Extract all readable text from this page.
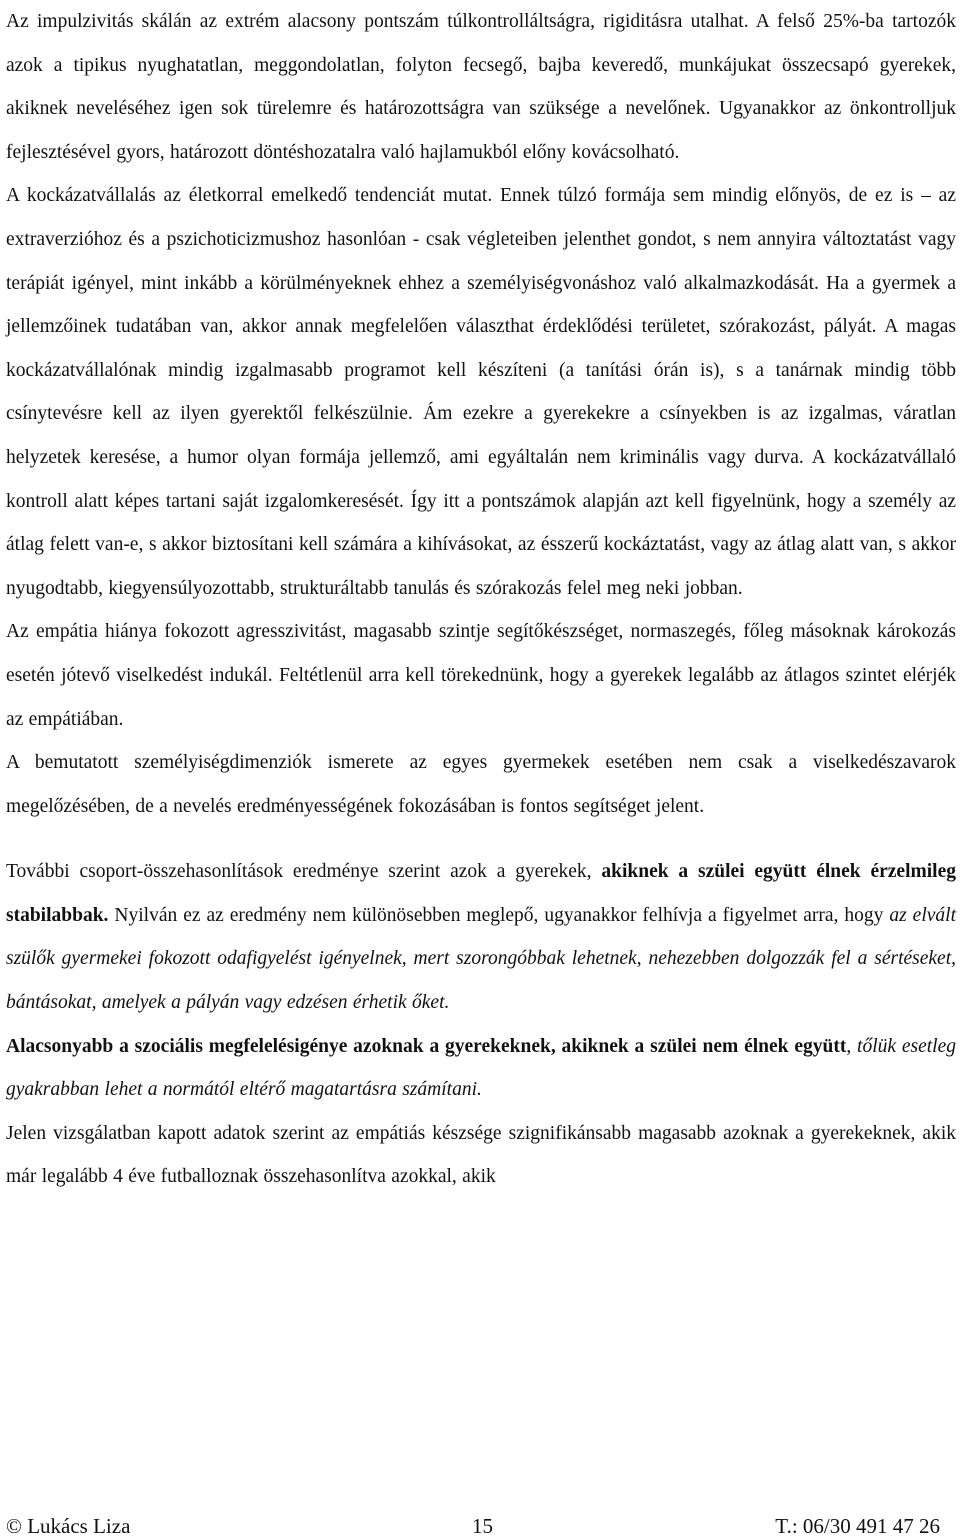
Az impulzivitás skálán az extrém alacsony pontszám túlkontrolláltságra, rigiditásra utalhat. A felső 25%-ba tartozók azok a tipikus nyughatatlan, meggondolatlan, folyton fecsegő, bajba keveredő, munkájukat összecsapó gyerekek, akiknek neveléséhez igen sok türelemre és határozottságra van szüksége a nevelőnek. Ugyanakkor az önkontrolljuk fejlesztésével gyors, határozott döntéshozatalra való hajlamukból előny kovácsolható.

A kockázatvállalás az életkorral emelkedő tendenciát mutat. Ennek túlzó formája sem mindig előnyös, de ez is – az extraverzióhoz és a pszichoticizmushoz hasonlóan - csak végleteiben jelenthet gondot, s nem annyira változtatást vagy terápiát igényel, mint inkább a körülményeknek ehhez a személyiségvonáshoz való alkalmazkodását. Ha a gyermek a jellemzőinek tudatában van, akkor annak megfelelően választhat érdeklődési területet, szórakozást, pályát. A magas kockázatvállalónak mindig izgalmasabb programot kell készíteni (a tanítási órán is), s a tanárnak mindig több csínytevésre kell az ilyen gyerektől felkészülnie. Ám ezekre a gyerekekre a csínyekben is az izgalmas, váratlan helyzetek keresése, a humor olyan formája jellemző, ami egyáltalán nem kriminális vagy durva. A kockázatvállaló kontroll alatt képes tartani saját izgalomkeresését. Így itt a pontszámok alapján azt kell figyelnünk, hogy a személy az átlag felett van-e, s akkor biztosítani kell számára a kihívásokat, az ésszerű kockáztatást, vagy az átlag alatt van, s akkor nyugodtabb, kiegyensúlyozottabb, strukturáltabb tanulás és szórakozás felel meg neki jobban.

Az empátia hiánya fokozott agresszivitást, magasabb szintje segítőkészséget, normaszegés, főleg másoknak károkozás esetén jótevő viselkedést indukál. Feltétlenül arra kell törekednünk, hogy a gyerekek legalább az átlagos szintet elérjék az empátiában.

A bemutatott személyiségdimenziók ismerete az egyes gyermekek esetében nem csak a viselkedészavarok megelőzésében, de a nevelés eredményességének fokozásában is fontos segítséget jelent.

További csoport-összehasonlítások eredménye szerint azok a gyerekek, akiknek a szülei együtt élnek érzelmileg stabilabbak. Nyilván ez az eredmény nem különösebben meglepő, ugyanakkor felhívja a figyelmet arra, hogy az elvált szülők gyermekei fokozott odafigyelést igényelnek, mert szorongóbbak lehetnek, nehezebben dolgozzák fel a sértéseket, bántásokat, amelyek a pályán vagy edzésen érhetik őket.

Alacsonyabb a szociális megfelelésigénye azoknak a gyerekeknek, akiknek a szülei nem élnek együtt, tőlük esetleg gyakrabban lehet a normától eltérő magatartásra számítani.

Jelen vizsgálatban kapott adatok szerint az empátiás készsége szignifikánsabb magasabb azoknak a gyerekeknek, akik már legalább 4 éve futballoznak összehasonlítva azokkal, akik

© Lukács Liza	15	T.: 06/30 491 47 26
